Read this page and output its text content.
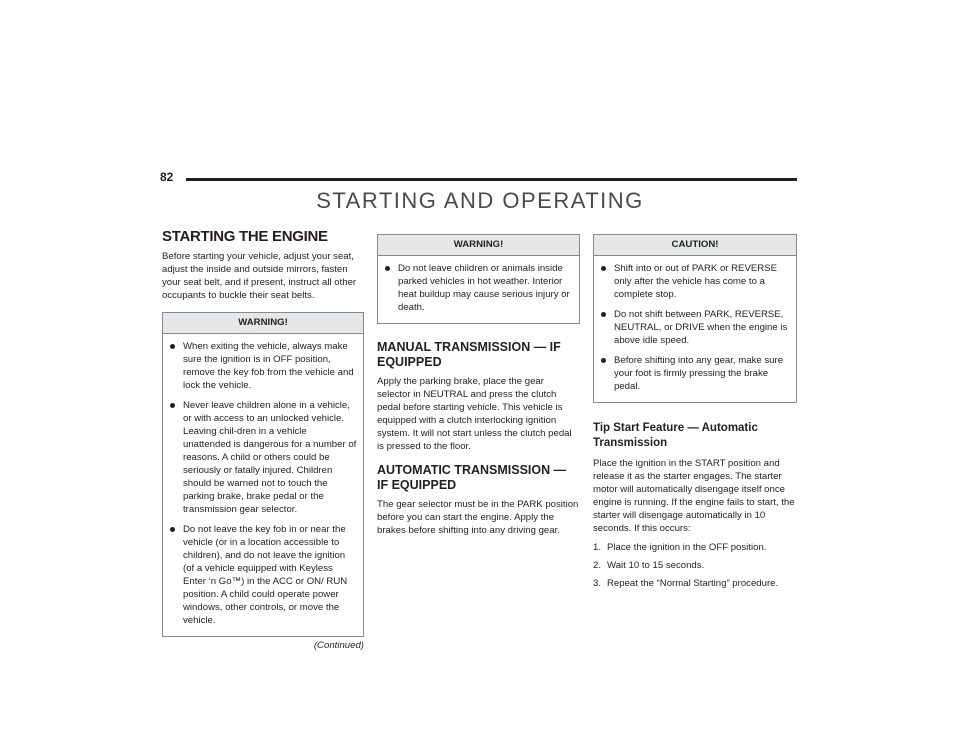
82
STARTING AND OPERATING
STARTING THE ENGINE

Before starting your vehicle, adjust your seat, adjust the inside and outside mirrors, fasten your seat belt, and if present, instruct all other occupants to buckle their seat belts.

WARNING!
When exiting the vehicle, always make sure the ignition is in OFF position, remove the key fob from the vehicle and lock the vehicle.
Never leave children alone in a vehicle, or with access to an unlocked vehicle. Leaving chil-dren in a vehicle unattended is dangerous for a number of reasons. A child or others could be seriously or fatally injured. Children should be warned not to touch the parking brake, brake pedal or the transmission gear selector.
Do not leave the key fob in or near the vehicle (or in a location accessible to children), and do not leave the ignition (of a vehicle equipped with Keyless Enter ‘n Go™) in the ACC or ON/ RUN position. A child could operate power windows, other controls, or move the vehicle.
(Continued)
WARNING!
Do not leave children or animals inside parked vehicles in hot weather. Interior heat buildup may cause serious injury or death.
MANUAL TRANSMISSION — IF EQUIPPED

Apply the parking brake, place the gear selector in NEUTRAL and press the clutch pedal before starting vehicle. This vehicle is equipped with a clutch interlocking ignition system. It will not start unless the clutch pedal is pressed to the floor.

AUTOMATIC TRANSMISSION — IF EQUIPPED

The gear selector must be in the PARK position before you can start the engine. Apply the brakes before shifting into any driving gear.

CAUTION!
Shift into or out of PARK or REVERSE only after the vehicle has come to a complete stop.
Do not shift between PARK, REVERSE, NEUTRAL, or DRIVE when the engine is above idle speed.
Before shifting into any gear, make sure your foot is firmly pressing the brake pedal.
Tip Start Feature — Automatic Transmission

Place the ignition in the START position and release it as the starter engages. The starter motor will automatically disengage itself once engine is running. If the engine fails to start, the starter will disengage automatically in 10 seconds. If this occurs:

1. Place the ignition in the OFF position.
2. Wait 10 to 15 seconds.
3. Repeat the “Normal Starting” procedure.
